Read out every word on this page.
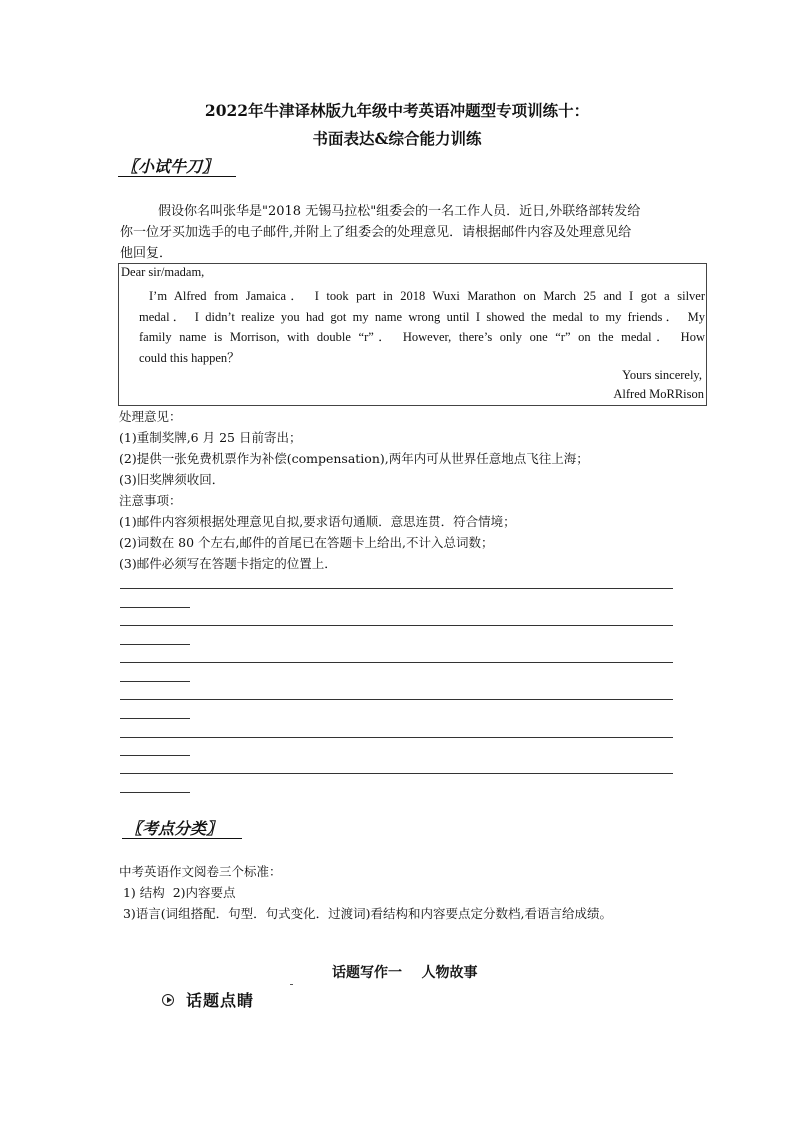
2022年牛津译林版九年级中考英语冲题型专项训练十：
书面表达&综合能力训练
〖小试牛刀〗
假设你名叫张华是"2018 无锡马拉松"组委会的一名工作人员．近日,外联络部转发给
你一位牙买加选手的电子邮件,并附上了组委会的处理意见．请根据邮件内容及处理意见给
他回复．
Dear sir/madam,
I’m Alfred from Jamaica． I took part in 2018 Wuxi Marathon on March 25 and I got a silver
medal． I didn’t realize you had got my name wrong until I showed the medal to my friends． My
family name is Morrison, with double “r”． However, there’s only one “r” on the medal． How
could this happen？
Yours sincerely,
Alfred MoRRison
处理意见：
(1)重制奖牌,6 月 25 日前寄出；
(2)提供一张免费机票作为补偿(compensation),两年内可从世界任意地点飞往上海；
(3)旧奖牌须收回．
注意事项：
(1)邮件内容须根据处理意见自拟,要求语句通顺．意思连贯．符合情境；
(2)词数在 80 个左右,邮件的首尾已在答题卡上给出,不计入总词数；
(3)邮件必须写在答题卡指定的位置上．
〖考点分类〗
中考英语作文阅卷三个标准：
1) 结构  2)内容要点
3)语言(词组搭配．句型．句式变化．过渡词)看结构和内容要点定分数档,看语言给成绩。
话题写作一    人物故事
话题点睛
